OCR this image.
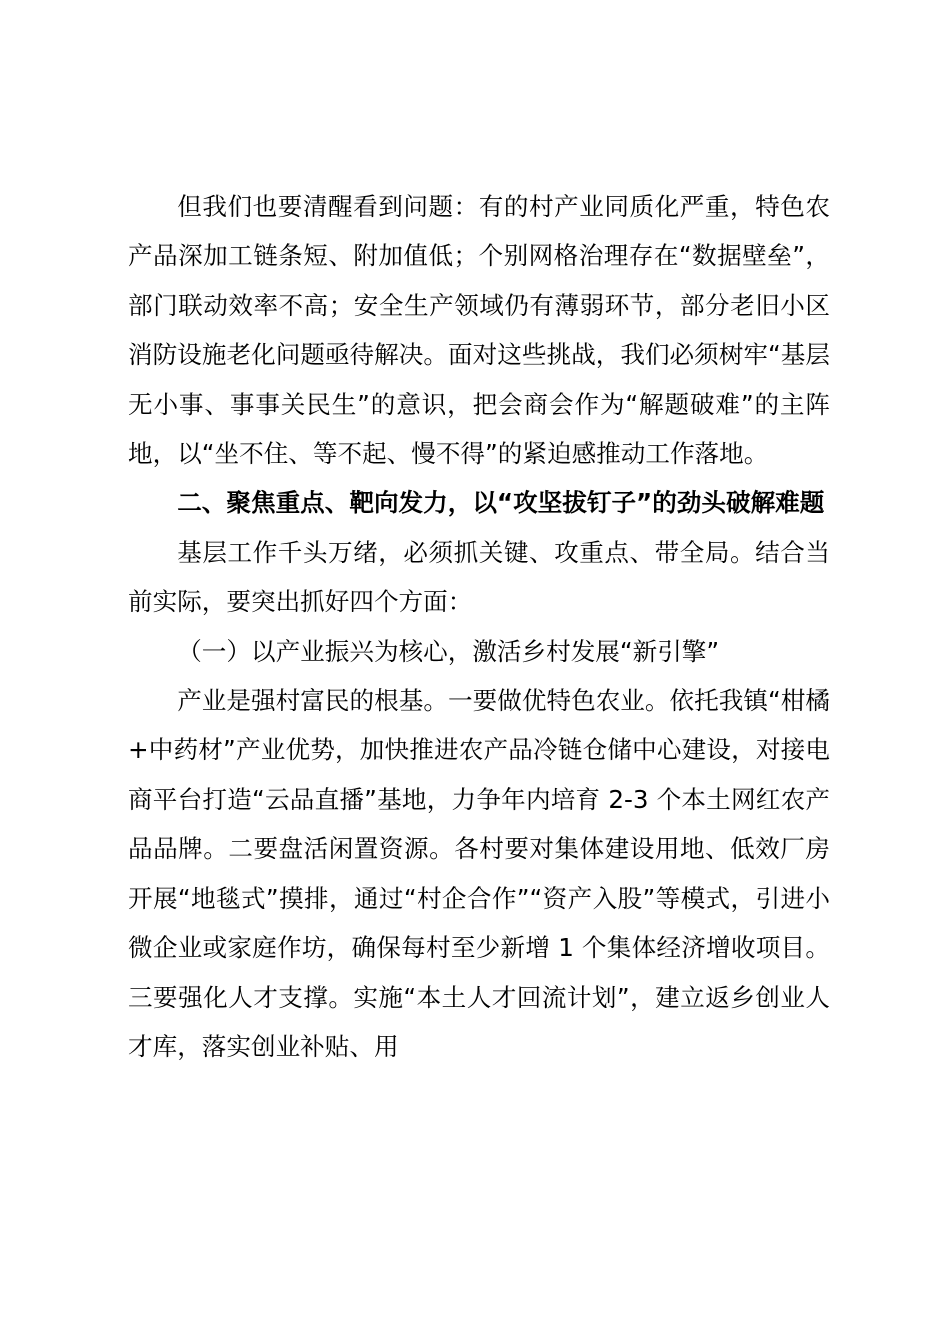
但我们也要清醒看到问题：有的村产业同质化严重，特色农产品深加工链条短、附加值低；个别网格治理存在“数据壁垒”，部门联动效率不高；安全生产领域仍有薄弱环节，部分老旧小区消防设施老化问题亟待解决。面对这些挑战，我们必须树牢“基层无小事、事事关民生”的意识，把会商会作为“解题破难”的主阵地，以“坐不住、等不起、慢不得”的紧迫感推动工作落地。

二、聚焦重点、靶向发力，以“攻坚拔钉子”的劲头破解难题

基层工作千头万绪，必须抓关键、攻重点、带全局。结合当前实际，要突出抓好四个方面：

（一）以产业振兴为核心，激活乡村发展“新引擎”

产业是强村富民的根基。一要做优特色农业。依托我镇“柑橘+中药材”产业优势，加快推进农产品冷链仓储中心建设，对接电商平台打造“云品直播”基地，力争年内培育 2-3 个本土网红农产品品牌。二要盘活闲置资源。各村要对集体建设用地、低效厂房开展“地毯式”摸排，通过“村企合作”“资产入股”等模式，引进小微企业或家庭作坊，确保每村至少新增 1 个集体经济增收项目。三要强化人才支撑。实施“本土人才回流计划”，建立返乡创业人才库，落实创业补贴、用
